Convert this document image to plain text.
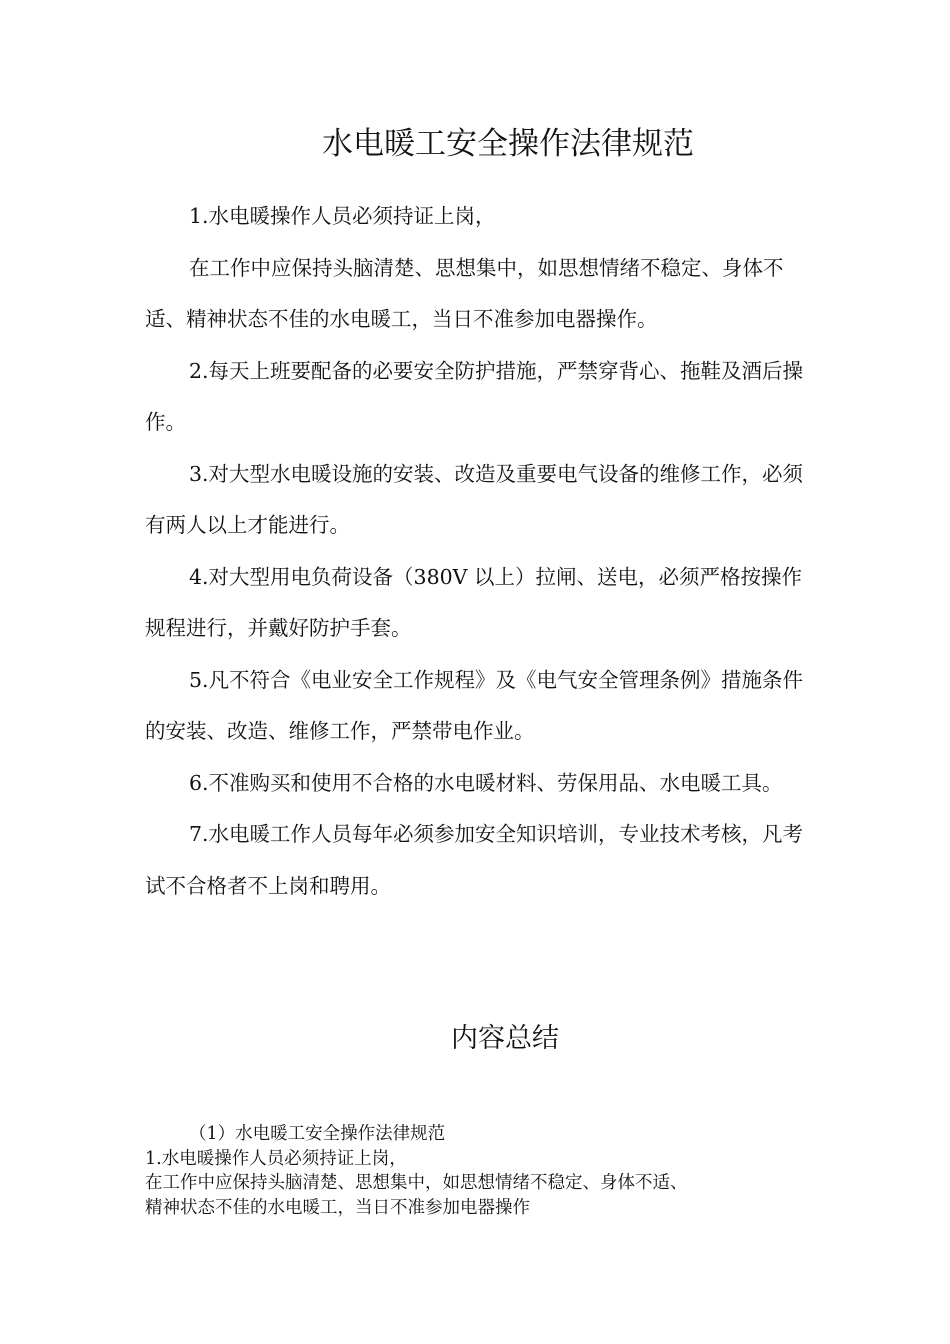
水电暖工安全操作法律规范

1.水电暖操作人员必须持证上岗，

在工作中应保持头脑清楚、思想集中，如思想情绪不稳定、身体不适、精神状态不佳的水电暖工，当日不准参加电器操作。

2.每天上班要配备的必要安全防护措施，严禁穿背心、拖鞋及酒后操作。

3.对大型水电暖设施的安装、改造及重要电气设备的维修工作，必须有两人以上才能进行。

4.对大型用电负荷设备（380V 以上）拉闸、送电，必须严格按操作规程进行，并戴好防护手套。

5.凡不符合《电业安全工作规程》及《电气安全管理条例》措施条件的安装、改造、维修工作，严禁带电作业。

6.不准购买和使用不合格的水电暖材料、劳保用品、水电暖工具。

7.水电暖工作人员每年必须参加安全知识培训，专业技术考核，凡考试不合格者不上岗和聘用。

内容总结

（1）水电暖工安全操作法律规范

1.水电暖操作人员必须持证上岗，

在工作中应保持头脑清楚、思想集中，如思想情绪不稳定、身体不适、

精神状态不佳的水电暖工，当日不准参加电器操作
